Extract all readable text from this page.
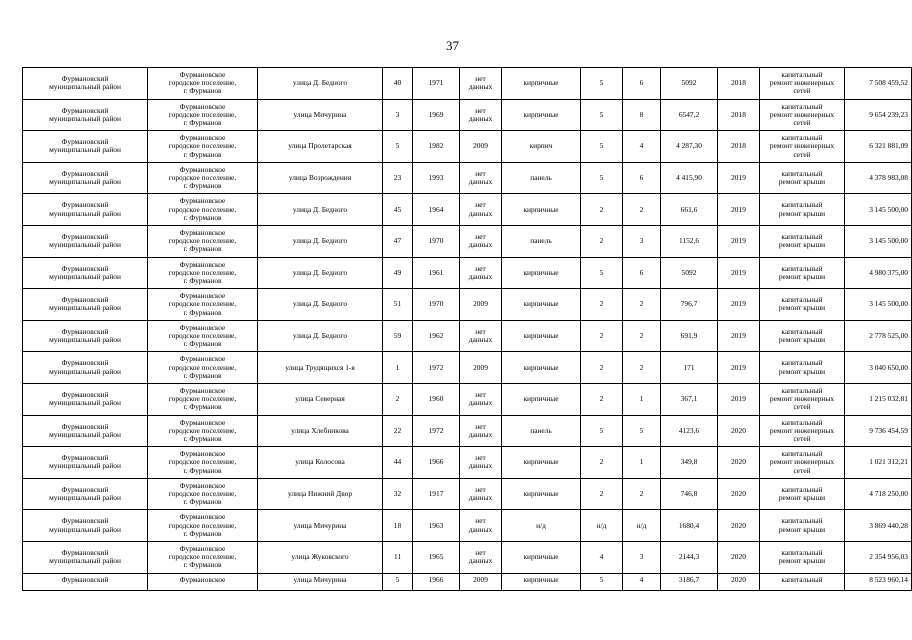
37
Фурмановский
муниципальный район	Фурмановское
городское поселение,
г. Фурманов	улица Д. Бедного	40	1971	нет
данных	кирпичные	5	6	5092	2018	капитальный
ремонт инженерных
сетей	7 508 459,52

Фурмановский
муниципальный район	Фурмановское
городское поселение,
г. Фурманов	улица Мичурина	3	1969	нет
данных	кирпичные	5	8	6547,2	2018	капитальный
ремонт инженерных
сетей	9 654 239,23

Фурмановский
муниципальный район	Фурмановское
городское поселение,
г. Фурманов	улица Пролетарская	5	1982	2009	кирпич	5	4	4 287,30	2018	капитальный
ремонт инженерных
сетей	6 321 881,09

Фурмановский
муниципальный район	Фурмановское
городское поселение,
г. Фурманов	улица Возрождения	23	1993	нет
данных	панель	5	6	4 415,90	2019	капитальный
ремонт крыши	4 378 983,08

Фурмановский
муниципальный район	Фурмановское
городское поселение,
г. Фурманов	улица Д. Бедного	45	1964	нет
данных	кирпичные	2	2	661,6	2019	капитальный
ремонт крыши	3 145 500,00

Фурмановский
муниципальный район	Фурмановское
городское поселение,
г. Фурманов	улица Д. Бедного	47	1970	нет
данных	панель	2	3	1152,6	2019	капитальный
ремонт крыши	3 145 500,00

Фурмановский
муниципальный район	Фурмановское
городское поселение,
г. Фурманов	улица Д. Бедного	49	1961	нет
данных	кирпичные	5	6	5092	2019	капитальный
ремонт крыши	4 980 375,00

Фурмановский
муниципальный район	Фурмановское
городское поселение,
г. Фурманов	улица Д. Бедного	51	1970	2009	кирпичные	2	2	796,7	2019	капитальный
ремонт крыши	3 145 500,00

Фурмановский
муниципальный район	Фурмановское
городское поселение,
г. Фурманов	улица Д. Бедного	59	1962	нет
данных	кирпичные	2	2	691,9	2019	капитальный
ремонт крыши	2 778 525,00

Фурмановский
муниципальный район	Фурмановское
городское поселение,
г. Фурманов	улица Трудящихся 1-я	1	1972	2009	кирпичные	2	2	171	2019	капитальный
ремонт крыши	3 040 650,00

Фурмановский
муниципальный район	Фурмановское
городское поселение,
г. Фурманов	улица Северная	2	1960	нет
данных	кирпичные	2	1	367,1	2019	капитальный
ремонт инженерных
сетей	1 215 032,81

Фурмановский
муниципальный район	Фурмановское
городское поселение,
г. Фурманов	улица Хлебникова	22	1972	нет
данных	панель	5	5	4123,6	2020	капитальный
ремонт инженерных
сетей	9 736 454,59

Фурмановский
муниципальный район	Фурмановское
городское поселение,
г. Фурманов	улица Колосова	44	1966	нет
данных	кирпичные	2	1	349,8	2020	капитальный
ремонт инженерных
сетей	1 021 312,21

Фурмановский
муниципальный район	Фурмановское
городское поселение,
г. Фурманов	улица Нижний Двор	32	1917	нет
данных	кирпичные	2	2	746,8	2020	капитальный
ремонт крыши	4 718 250,00

Фурмановский
муниципальный район	Фурмановское
городское поселение,
г. Фурманов	улица Мичурина	18	1963	нет
данных	н/д	н/д	н/д	1680,4	2020	капитальный
ремонт крыши	3 869 440,28

Фурмановский
муниципальный район	Фурмановское
городское поселение,
г. Фурманов	улица Жуковского	11	1965	нет
данных	кирпичные	4	3	2144,3	2020	капитальный
ремонт крыши	2 354 956,03

Фурмановский	Фурмановское	улица Мичурина	5	1966	2009	кирпичные	5	4	3186,7	2020	капитальный	8 523 960,14
